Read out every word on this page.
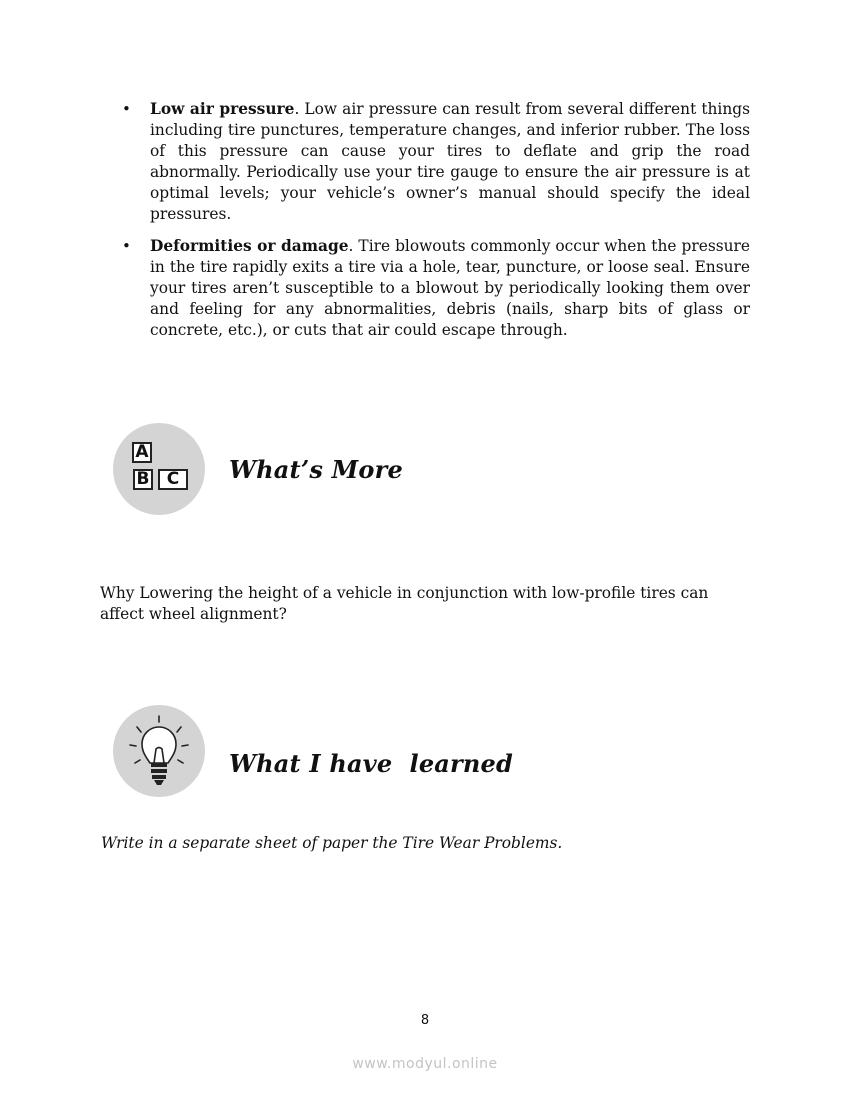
• Low air pressure. Low air pressure can result from several different things including tire punctures, temperature changes, and inferior rubber. The loss of this pressure can cause your tires to deflate and grip the road abnormally. Periodically use your tire gauge to ensure the air pressure is at optimal levels; your vehicle’s owner’s manual should specify the ideal pressures.
• Deformities or damage. Tire blowouts commonly occur when the pressure in the tire rapidly exits a tire via a hole, tear, puncture, or loose seal. Ensure your tires aren’t susceptible to a blowout by periodically looking them over and feeling for any abnormalities, debris (nails, sharp bits of glass or concrete, etc.), or cuts that air could escape through.
A
B	C	What’s More
Why Lowering the height of a vehicle in conjunction with low-profile tires can affect wheel alignment?
What I have  learned
Write in a separate sheet of paper the Tire Wear Problems.
8
www.modyul.online
